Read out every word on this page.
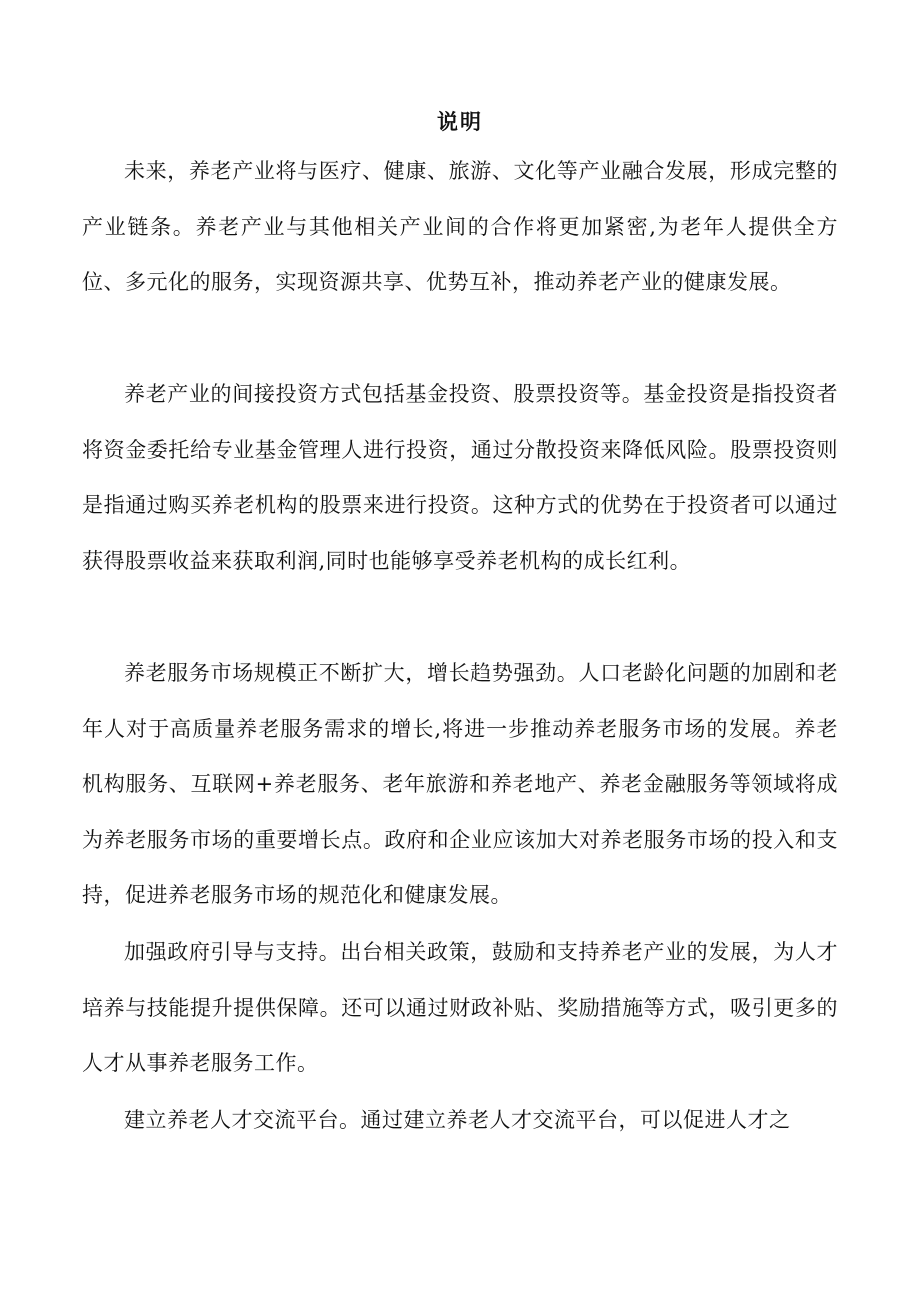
说明

未来，养老产业将与医疗、健康、旅游、文化等产业融合发展，形成完整的产业链条。养老产业与其他相关产业间的合作将更加紧密,为老年人提供全方位、多元化的服务，实现资源共享、优势互补，推动养老产业的健康发展。

养老产业的间接投资方式包括基金投资、股票投资等。基金投资是指投资者将资金委托给专业基金管理人进行投资，通过分散投资来降低风险。股票投资则是指通过购买养老机构的股票来进行投资。这种方式的优势在于投资者可以通过获得股票收益来获取利润,同时也能够享受养老机构的成长红利。

养老服务市场规模正不断扩大，增长趋势强劲。人口老龄化问题的加剧和老年人对于高质量养老服务需求的增长,将进一步推动养老服务市场的发展。养老机构服务、互联网+养老服务、老年旅游和养老地产、养老金融服务等领域将成为养老服务市场的重要增长点。政府和企业应该加大对养老服务市场的投入和支持，促进养老服务市场的规范化和健康发展。

加强政府引导与支持。出台相关政策，鼓励和支持养老产业的发展，为人才培养与技能提升提供保障。还可以通过财政补贴、奖励措施等方式，吸引更多的人才从事养老服务工作。

建立养老人才交流平台。通过建立养老人才交流平台，可以促进人才之
